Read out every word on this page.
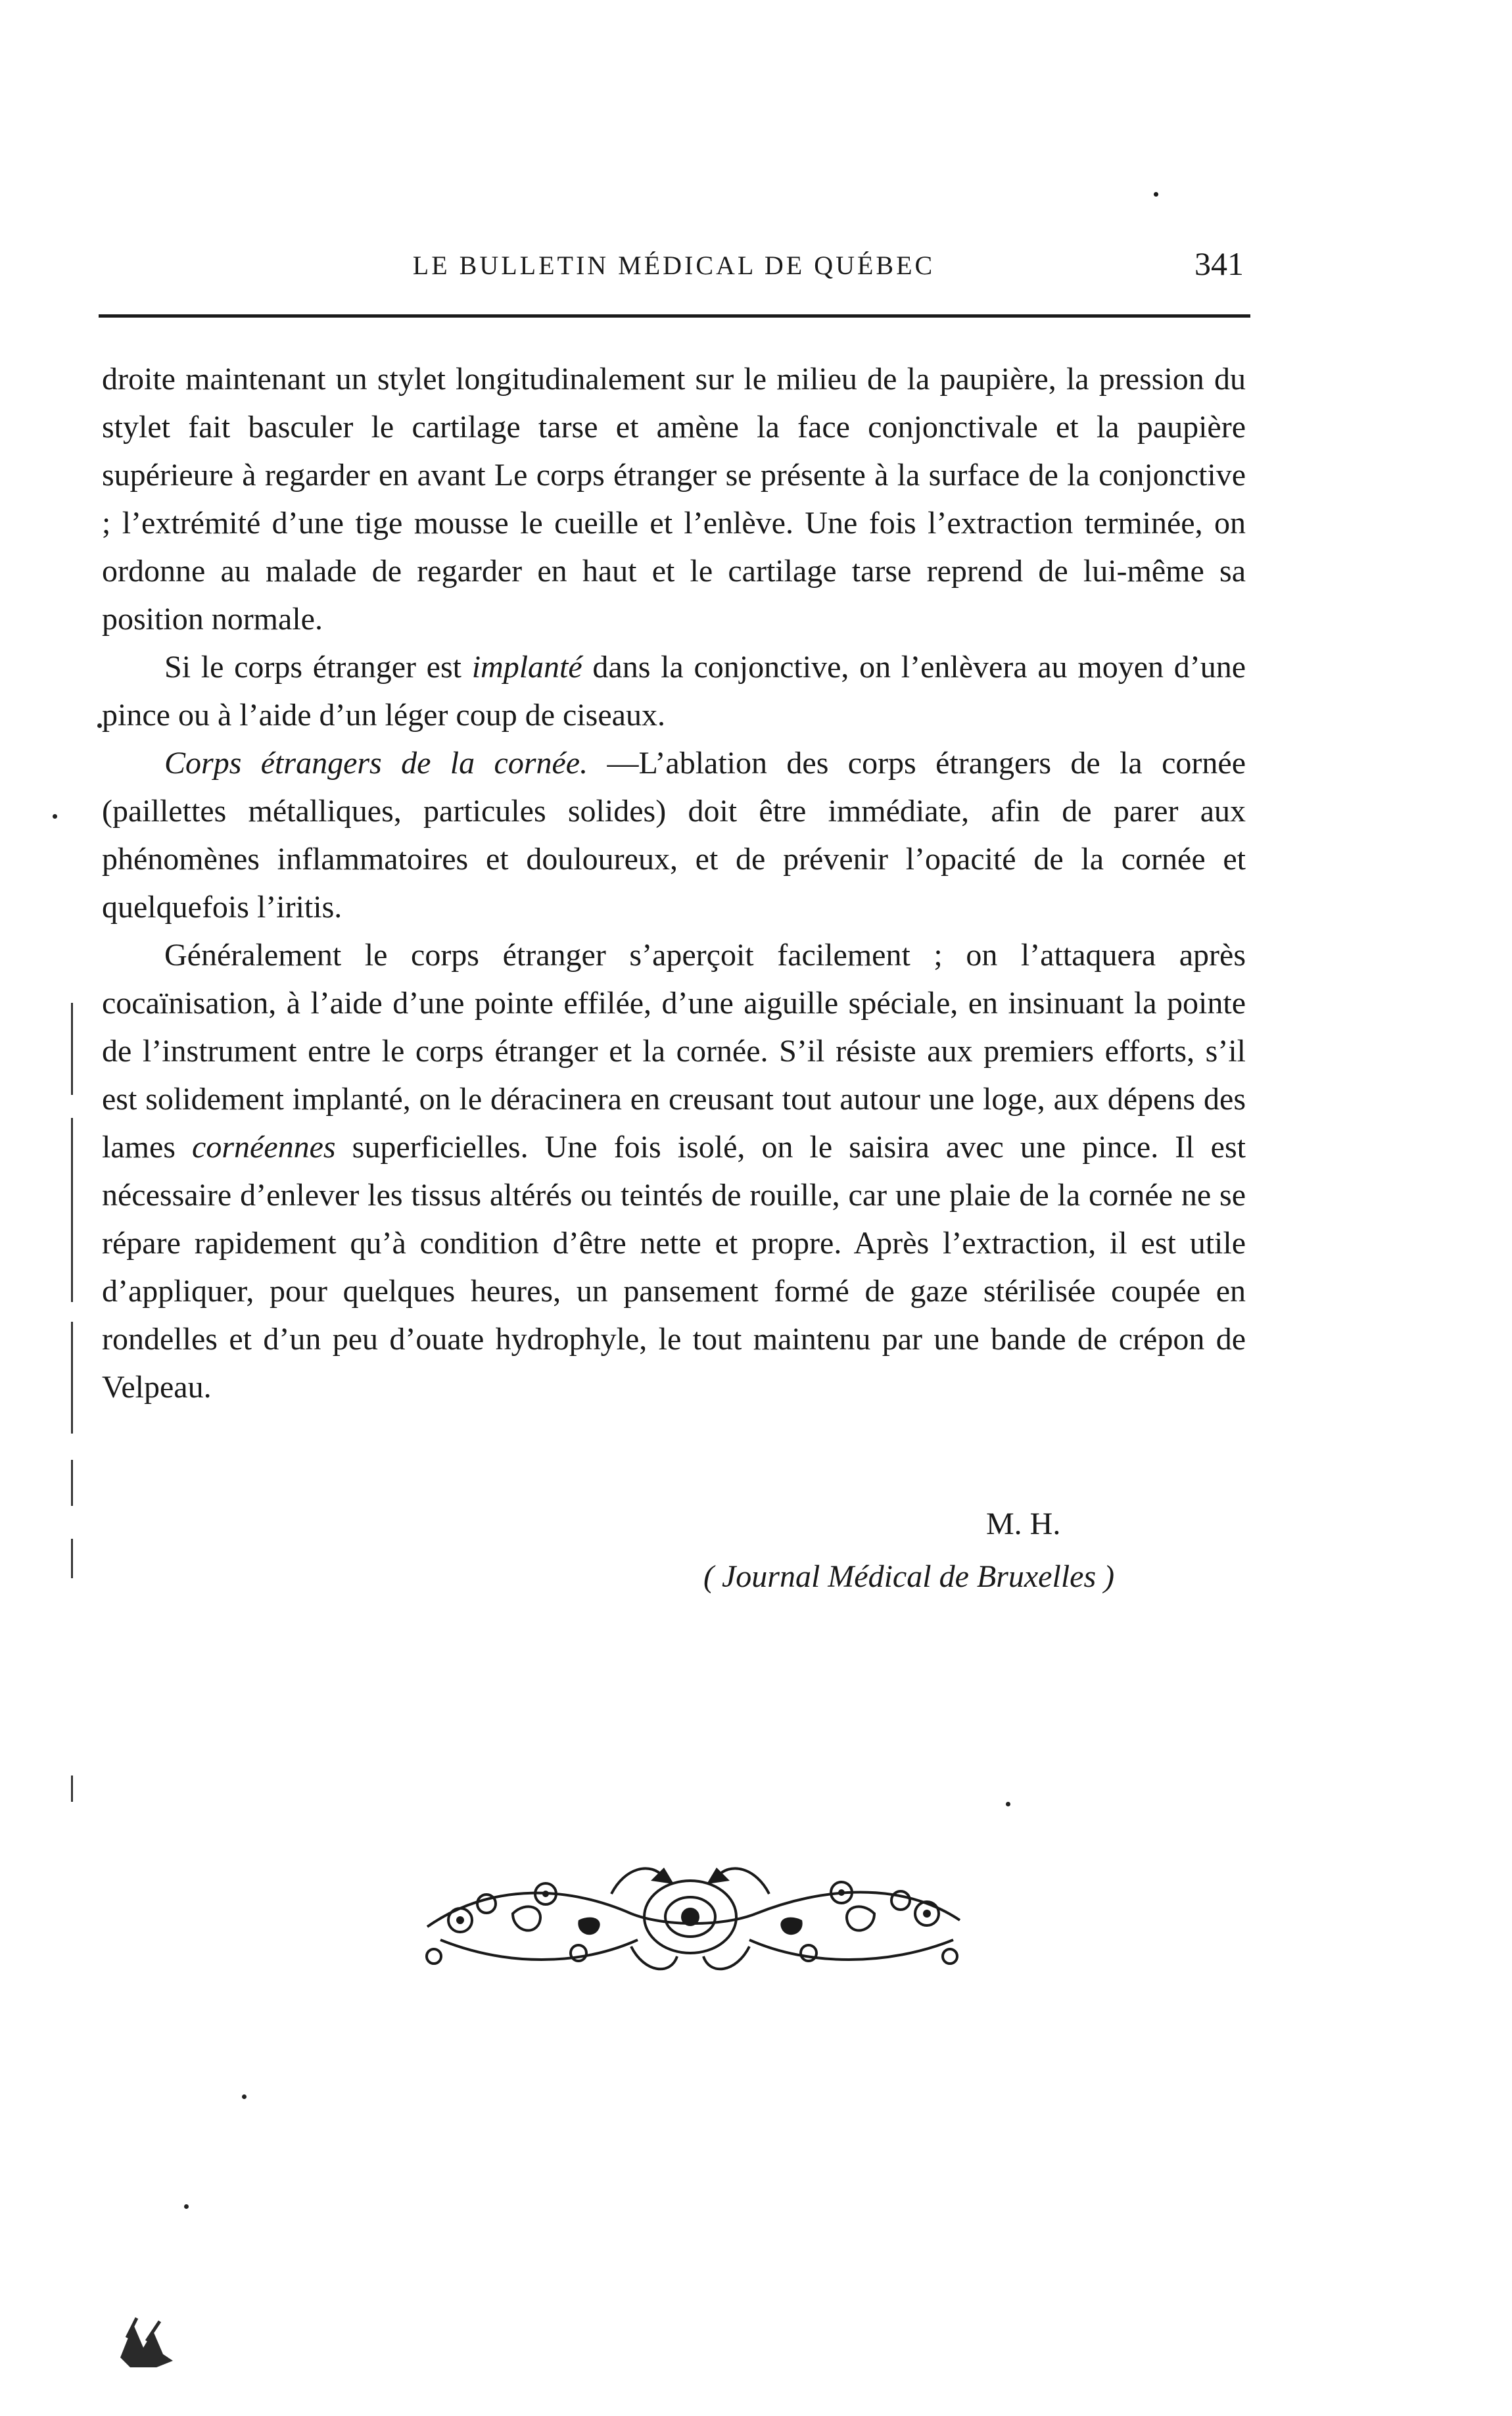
LE BULLETIN MÉDICAL DE QUÉBEC	341

droite maintenant un stylet longitudinalement sur le milieu de la paupière, la pression du stylet fait basculer le cartilage tarse et amène la face conjonctivale et la paupière supérieure à regarder en avant Le corps étranger se présente à la surface de la conjonctive ; l’extrémité d’une tige mousse le cueille et l’enlève. Une fois l’extraction terminée, on ordonne au malade de regarder en haut et le cartilage tarse reprend de lui-même sa position normale.

Si le corps étranger est implanté dans la conjonctive, on l’enlèvera au moyen d’une pince ou à l’aide d’un léger coup de ciseaux.

Corps étrangers de la cornée. —L’ablation des corps étrangers de la cornée (paillettes métalliques, particules solides) doit être immédiate, afin de parer aux phénomènes inflammatoires et douloureux, et de prévenir l’opacité de la cornée et quelquefois l’iritis.

Généralement le corps étranger s’aperçoit facilement ; on l’attaquera après cocaïnisation, à l’aide d’une pointe effilée, d’une aiguille spéciale, en insinuant la pointe de l’instrument entre le corps étranger et la cornée. S’il résiste aux premiers efforts, s’il est solidement implanté, on le déracinera en creusant tout autour une loge, aux dépens des lames cornéennes superficielles. Une fois isolé, on le saisira avec une pince. Il est nécessaire d’enlever les tissus altérés ou teintés de rouille, car une plaie de la cornée ne se répare rapidement qu’à condition d’être nette et propre. Après l’extraction, il est utile d’appliquer, pour quelques heures, un pansement formé de gaze stérilisée coupée en rondelles et d’un peu d’ouate hydrophyle, le tout maintenu par une bande de crépon de Velpeau.

M. H.
( Journal Médical de Bruxelles )
